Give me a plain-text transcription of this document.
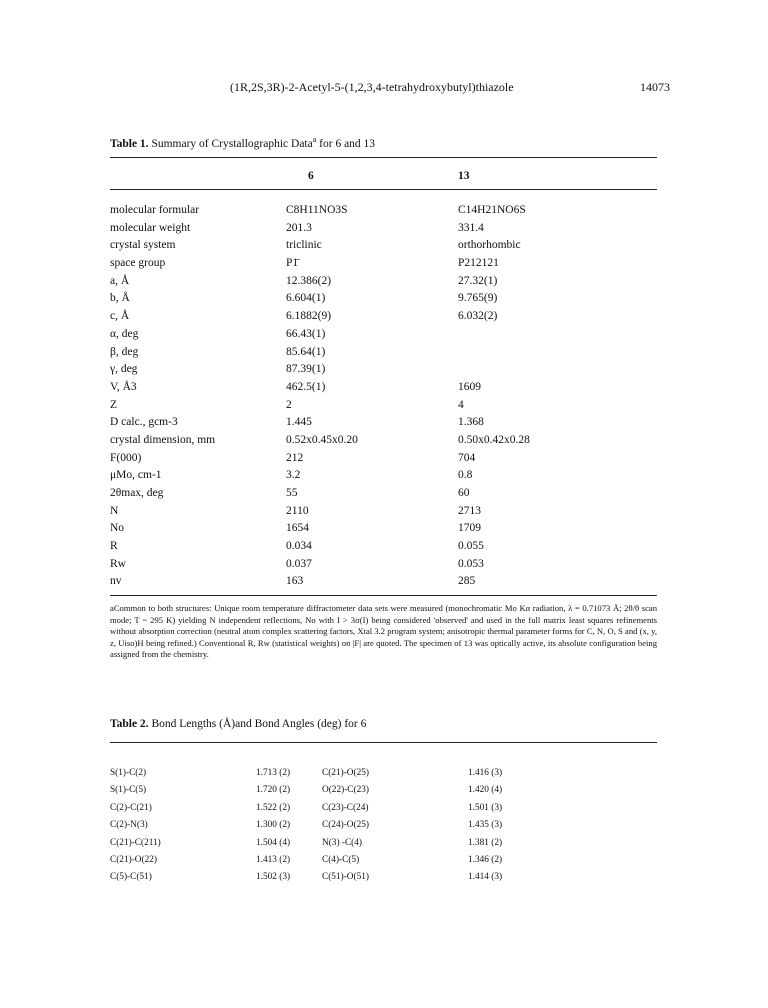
(1R,2S,3R)-2-Acetyl-5-(1,2,3,4-tetrahydroxybutyl)thiazole	14073
Table 1. Summary of Crystallographic Data$^a$ for 6 and 13
6	13
molecular formular	C8H11NO3S	C14H21NO6S
molecular weight	201.3	331.4
crystal system	triclinic	orthorhombic
space group	P1̄	P212121
a, Å	12.386(2)	27.32(1)
b, Å	6.604(1)	9.765(9)
c, Å	6.1882(9)	6.032(2)
α, deg	66.43(1)
β, deg	85.64(1)
γ, deg	87.39(1)
V, Å3	462.5(1)	1609
Z	2	4
D calc., gcm-3	1.445	1.368
crystal dimension, mm	0.52x0.45x0.20	0.50x0.42x0.28
F(000)	212	704
μMo, cm-1	3.2	0.8
2θmax, deg	55	60
N	2110	2713
No	1654	1709
R	0.034	0.055
Rw	0.037	0.053
nv	163	285
aCommon to both structures: Unique room temperature diffractometer data sets were measured (monochromatic Mo Kα radiation, λ = 0.71073 Å; 2θ/θ scan mode; T ~ 295 K) yielding N independent reflections, No with I > 3σ(I) being considered 'observed' and used in the full matrix least squares refinements without absorption correction (neutral atom complex scattering factors, Xtal 3.2 program system; anisotropic thermal parameter forms for C, N, O, S and (x, y, z, Uiso)H being refined.) Conventional R, Rw (statistical weights) on |F| are quoted. The specimen of 13 was optically active, its absolute configuration being assigned from the chemistry.
Table 2. Bond Lengths (Å)and Bond Angles (deg) for 6
S(1)-C(2)	1.713 (2)	C(21)-O(25)	1.416 (3)
S(1)-C(5)	1.720 (2)	O(22)-C(23)	1.420 (4)
C(2)-C(21)	1.522 (2)	C(23)-C(24)	1.501 (3)
C(2)-N(3)	1.300 (2)	C(24)-O(25)	1.435 (3)
C(21)-C(211)	1.504 (4)	N(3) -C(4)	1.381 (2)
C(21)-O(22)	1.413 (2)	C(4)-C(5)	1.346 (2)
C(5)-C(51)	1.502 (3)	C(51)-O(51)	1.414 (3)
